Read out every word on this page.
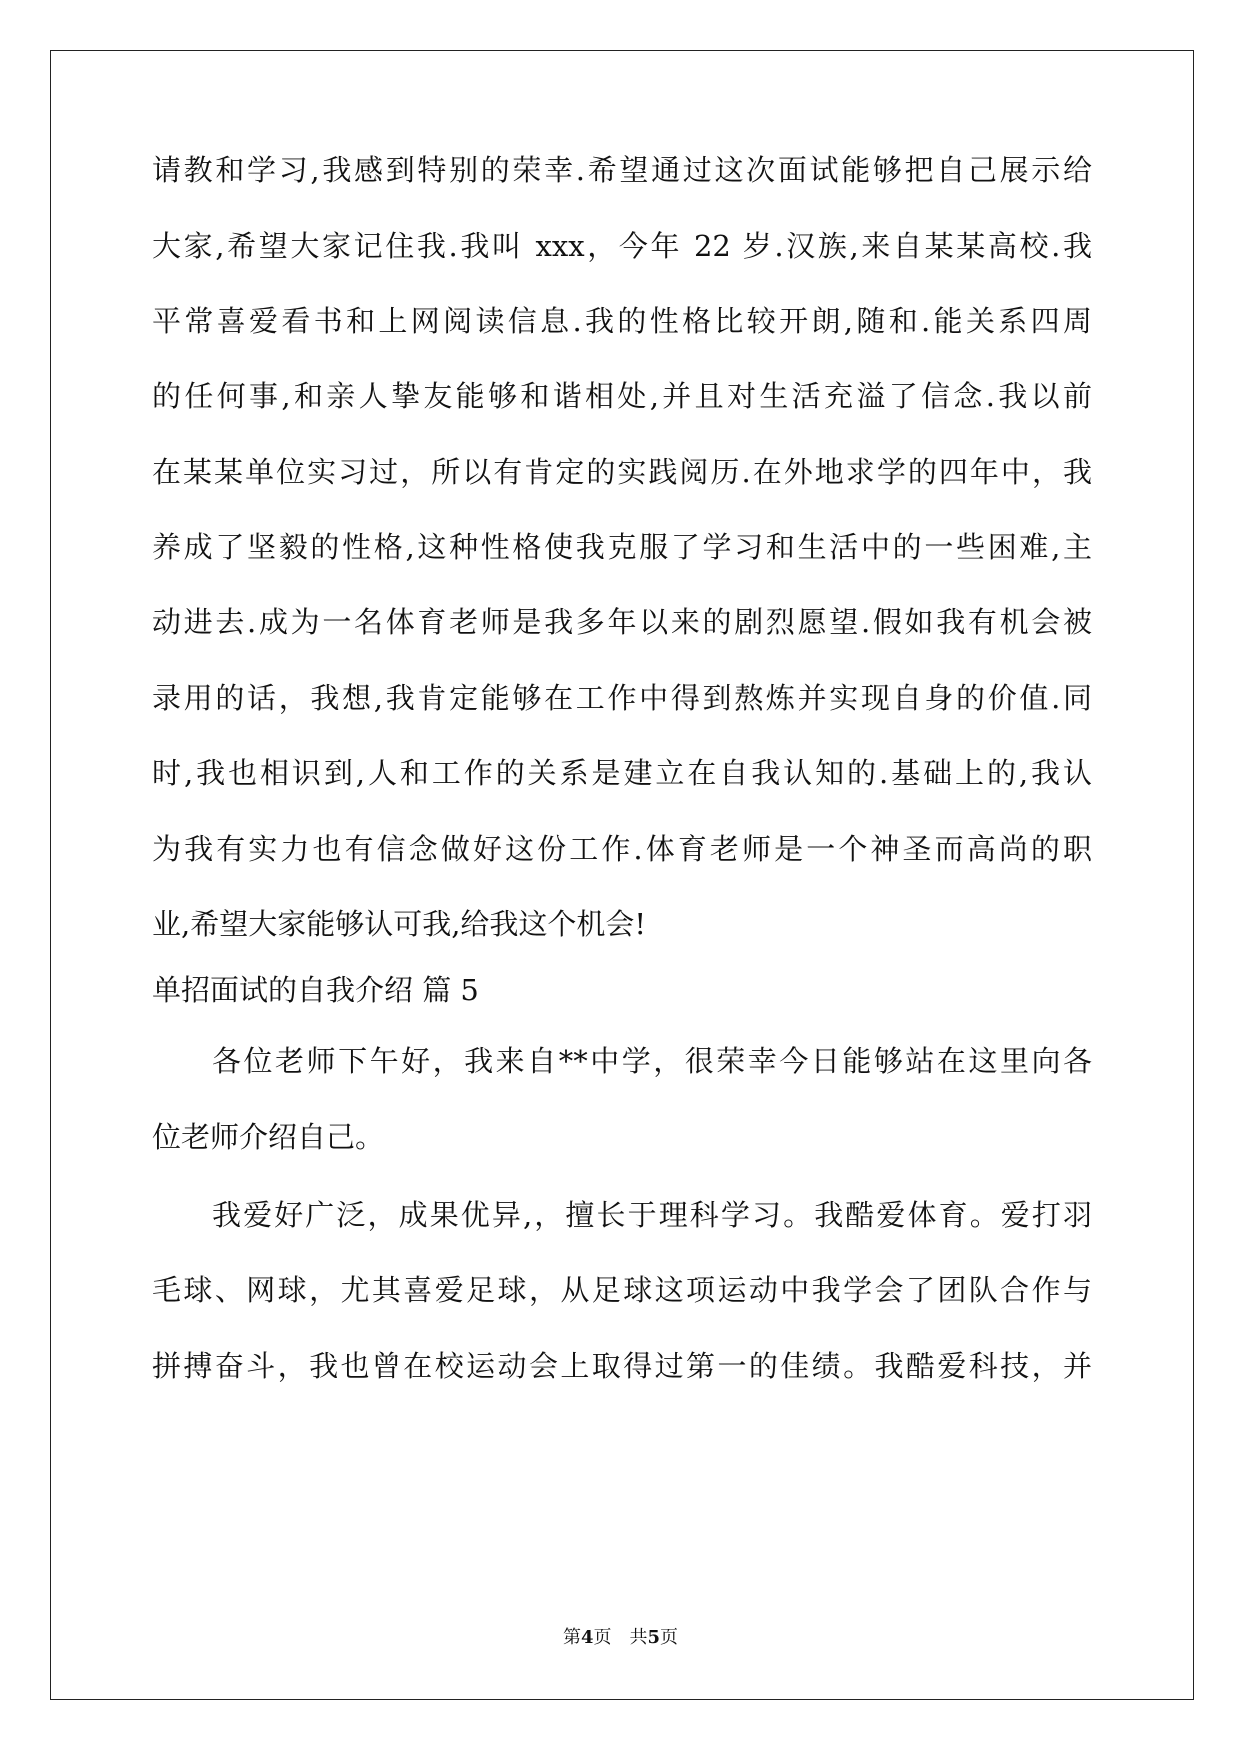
请教和学习,我感到特别的荣幸.希望通过这次面试能够把自己展示给
大家,希望大家记住我.我叫 xxx，今年 22 岁.汉族,来自某某高校.我
平常喜爱看书和上网阅读信息.我的性格比较开朗,随和.能关系四周
的任何事,和亲人挚友能够和谐相处,并且对生活充溢了信念.我以前
在某某单位实习过，所以有肯定的实践阅历.在外地求学的四年中，我
养成了坚毅的性格,这种性格使我克服了学习和生活中的一些困难,主
动进去.成为一名体育老师是我多年以来的剧烈愿望.假如我有机会被
录用的话，我想,我肯定能够在工作中得到熬炼并实现自身的价值.同
时,我也相识到,人和工作的关系是建立在自我认知的.基础上的,我认
为我有实力也有信念做好这份工作.体育老师是一个神圣而高尚的职
业,希望大家能够认可我,给我这个机会!
单招面试的自我介绍 篇 5
各位老师下午好，我来自**中学，很荣幸今日能够站在这里向各
位老师介绍自己。
我爱好广泛，成果优异,，擅长于理科学习。我酷爱体育。爱打羽
毛球、网球，尤其喜爱足球，从足球这项运动中我学会了团队合作与
拼搏奋斗，我也曾在校运动会上取得过第一的佳绩。我酷爱科技，并
第4页　共5页
